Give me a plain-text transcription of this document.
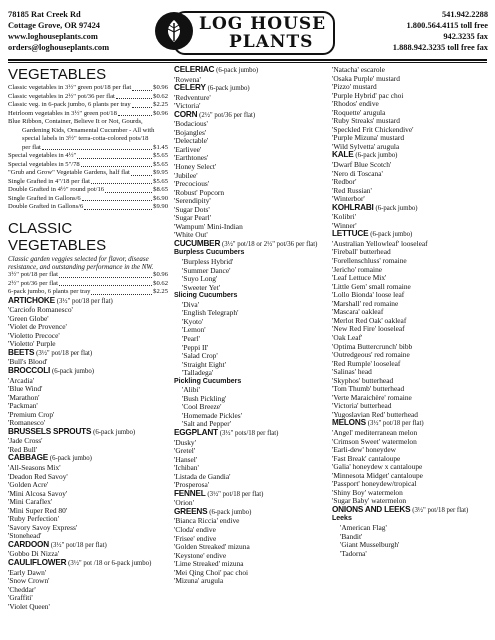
78185 Rat Creek Rd
Cottage Grove, OR 97424
www.loghouseplants.com
orders@loghouseplants.com
LOG HOUSE
PLANTS
541.942.2288
1.800.564.4115 toll free
942.3235 fax
1.888.942.3235 toll free fax
VEGETABLES
Classic vegetables in 3½" green pot/18 per flat	$0.96
Classic vegetables in 2½" pot/36 per flat	$0.62
Classic veg. in 6-pack jumbo, 6 plants per tray	$2.25
Heirloom vegetables in 3½" green pot/18	$0.96
Blue Ribbon, Container, Believe It or Not, Gourds,
Gardening Kids, Ornamental Cucumber - All with
special labels in 3½" terra-cotta-colored pots/18
per flat	$1.45
Special vegetables in 4½"	$5.65
Special vegetables in 5"/78	$5.65
"Grub and Grow" Vegetable Gardens, half flat	$9.95
Single Grafted in 4"/18 per flat	$5.65
Double Grafted in 4½" round pot/16	$8.65
Single Grafted in Gallons/6	$6.90
Double Grafted in Gallons/6	$9.90
CLASSIC VEGETABLES
Classic garden veggies selected for flavor, disease resistance, and outstanding performance in the NW.
3½" pot/18 per flat	$0.96
2½" pot/36 per flat	$0.62
6-pack jumbo, 6 plants per tray	$2.25
ARTICHOKE (3½" pot/18 per flat)
'Carciofo Romanesco'
'Green Globe'
'Violet de Provence'
'Violetto Precoce'
'Violetto' Purple
BEETS (3½" pot/18 per flat)
'Bull's Blood'
BROCCOLI (6-pack jumbo)
'Arcadia'
'Blue Wind'
'Marathon'
'Packman'
'Premium Crop'
'Romanesco'
BRUSSELS SPROUTS (6-pack jumbo)
'Jade Cross'
'Red Bull'
CABBAGE (6-pack jumbo)
'All-Seasons Mix'
'Deadon Red Savoy'
'Golden Acre'
'Mini Alcosa Savoy'
'Mini Caraflex'
'Mini Super Red 80'
'Ruby Perfection'
'Savory Savoy Express'
'Stonehead'
CARDOON (3½" pot/18 per flat)
'Gobbo Di Nizza'
CAULIFLOWER (3½" pot /18 or 6-pack jumbo)
'Early Dawn'
'Snow Crown'
'Cheddar'
'Graffiti'
'Violet Queen'
CELERIAC (6-pack jumbo)
'Rowena'
CELERY (6-pack jumbo)
'Redventure'
'Victoria'
CORN (2½" pot/36 per flat)
'Bodacious'
'Bojangles'
'Delectable'
'Earlivee'
'Earthtones'
'Honey Select'
'Jubilee'
'Precocious'
'Robust' Popcorn
'Serendipity'
'Sugar Dots'
'Sugar Pearl'
'Wampum' Mini-Indian
'White Out'
CUCUMBER (3½" pot/18 or 2½" pot/36 per flat)
Burpless Cucumbers
'Burpless Hybrid'
'Summer Dance'
'Suyo Long'
'Sweeter Yet'
Slicing Cucumbers
'Diva'
'English Telegraph'
'Kyoto'
'Lemon'
'Pearl'
'Peppi II'
'Salad Crop'
'Straight Eight'
'Talladega'
Pickling Cucumbers
'Alibi'
'Bush Pickling'
'Cool Breeze'
'Homemade Pickles'
'Salt and Pepper'
EGGPLANT (3½" pots/18 per flat)
'Dusky'
'Gretel'
'Hansel'
'Ichiban'
'Listada de Gandia'
'Prosperosa'
FENNEL (3½" pot/18 per flat)
'Orion'
GREENS (6-pack jumbo)
'Bianca Riccia' endive
'Cloda' endive
'Frisee' endive
'Golden Streaked' mizuna
'Keystone' endive
'Lime Streaked' mizuna
'Mei Qing Choi' pac choi
'Mizuna' arugula
'Natacha' escarole
'Osaka Purple' mustard
'Pizzo' mustard
'Purple Hybrid' pac choi
'Rhodos' endive
'Roquette' arugula
'Ruby Streaks' mustard
'Speckled Frit Chickendive'
'Purple Mizuna' mustard
'Wild Sylvetta' arugula
KALE (6-pack jumbo)
'Dwarf Blue Scotch'
'Nero di Toscana'
'Redbor'
'Red Russian'
'Winterbor'
KOHLRABI (6-pack jumbo)
'Kolibri'
'Winner'
LETTUCE (6-pack jumbo)
'Australian Yellowleaf' looseleaf
'Fireball' butterhead
'Forellenschluss' romaine
'Jericho' romaine
'Leaf Lettuce Mix'
'Little Gem' small romaine
'Lollo Bionda' loose leaf
'Marshall' red romaine
'Mascara' oakleaf
'Merlot Red Oak' oakleaf
'New Red Fire' looseleaf
'Oak Leaf'
'Optima Buttercrunch' bibb
'Outredgeous' red romaine
'Red Rumple' looseleaf
'Salinas' head
'Skyphos' butterhead
'Tom Thumb' butterhead
'Verte Maraichère' romaine
'Victoria' butterhead
'Yugoslavian Red' butterhead
MELONS (3½" pot/18 per flat)
'Angel' mediterranean melon
'Crimson Sweet' watermelon
'Earli-dew' honeydew
'Fast Break' cantaloupe
'Galia' honeydew x cantaloupe
'Minnesota Midget' cantaloupe
'Passport' honeydew/tropical
'Shiny Boy' watermelon
'Sugar Baby' watermelon
ONIONS AND LEEKS (3½" pot/18 per flat)
Leeks
'American Flag'
'Bandit'
'Giant Musselburgh'
'Tadorna'
